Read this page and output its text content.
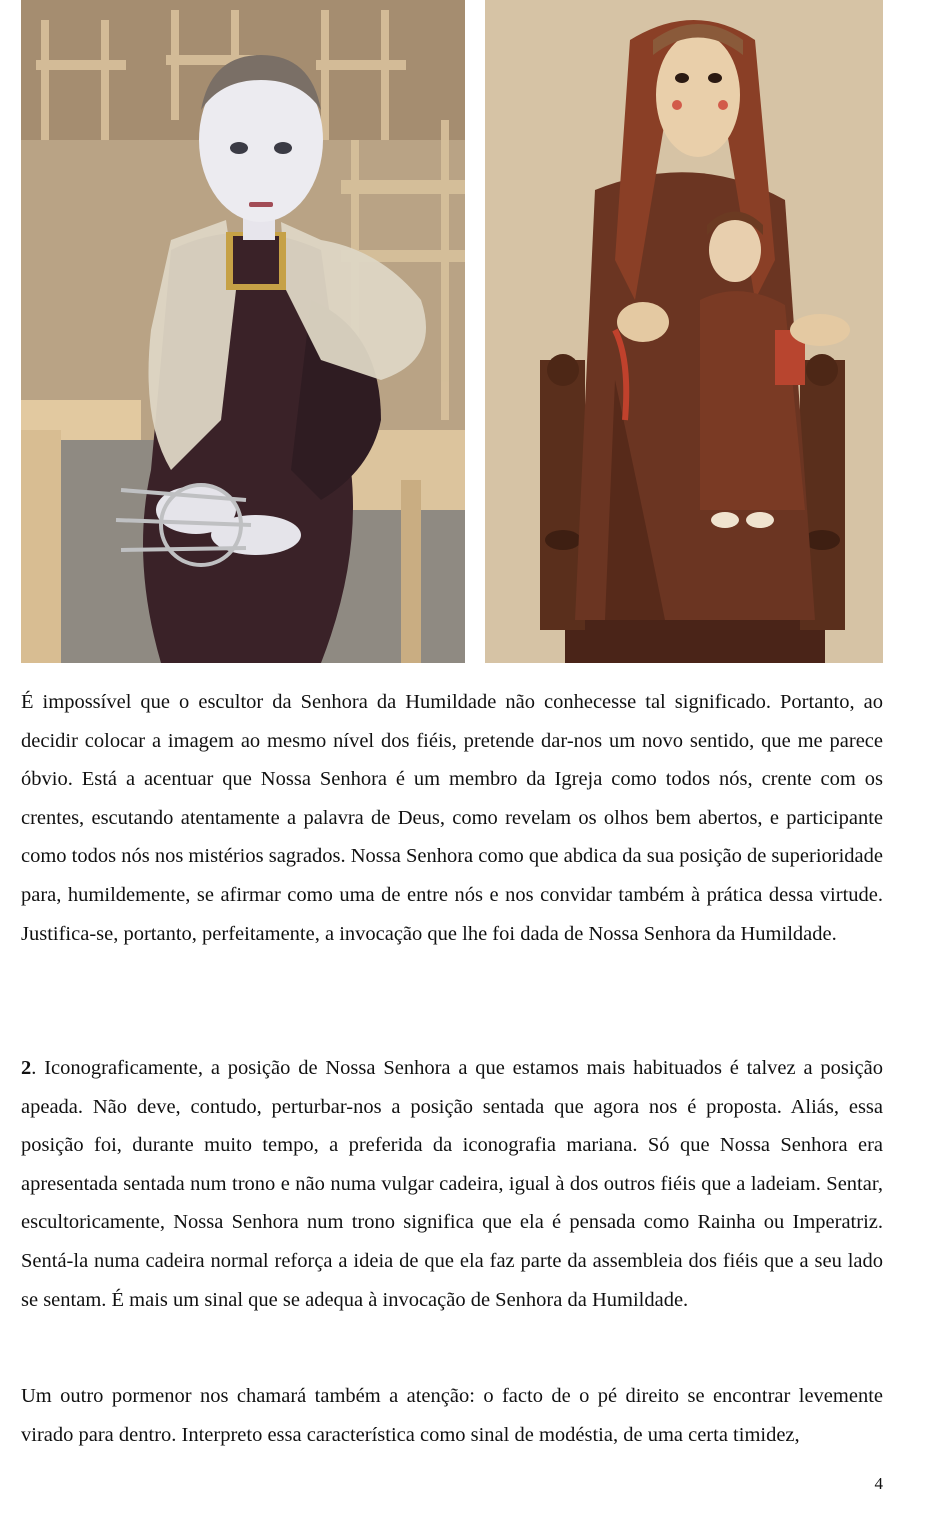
É impossível que o escultor da Senhora da Humildade não conhecesse tal significado. Portanto, ao decidir colocar a imagem ao mesmo nível dos fiéis, pretende dar-nos um novo sentido, que me parece óbvio. Está a acentuar que Nossa Senhora é um membro da Igreja como todos nós, crente com os crentes, escutando atentamente a palavra de Deus, como revelam os olhos bem abertos, e participante como todos nós nos mistérios sagrados. Nossa Senhora como que abdica da sua posição de superioridade para, humildemente, se afirmar como uma de entre nós e nos convidar também à prática dessa virtude. Justifica-se, portanto, perfeitamente, a invocação que lhe foi dada de Nossa Senhora da Humildade.

2. Iconograficamente, a posição de Nossa Senhora a que estamos mais habituados é talvez a posição apeada. Não deve, contudo, perturbar-nos a posição sentada que agora nos é proposta. Aliás, essa posição foi, durante muito tempo, a preferida da iconografia mariana. Só que Nossa Senhora era apresentada sentada num trono e não numa vulgar cadeira, igual à dos outros fiéis que a ladeiam. Sentar, escultoricamente, Nossa Senhora num trono significa que ela é pensada como Rainha ou Imperatriz. Sentá-la numa cadeira normal reforça a ideia de que ela faz parte da assembleia dos fiéis que a seu lado se sentam. É mais um sinal que se adequa à invocação de Senhora da Humildade.

Um outro pormenor nos chamará também a atenção: o facto de o pé direito se encontrar levemente virado para dentro. Interpreto essa característica como sinal de modéstia, de uma certa timidez,

4
